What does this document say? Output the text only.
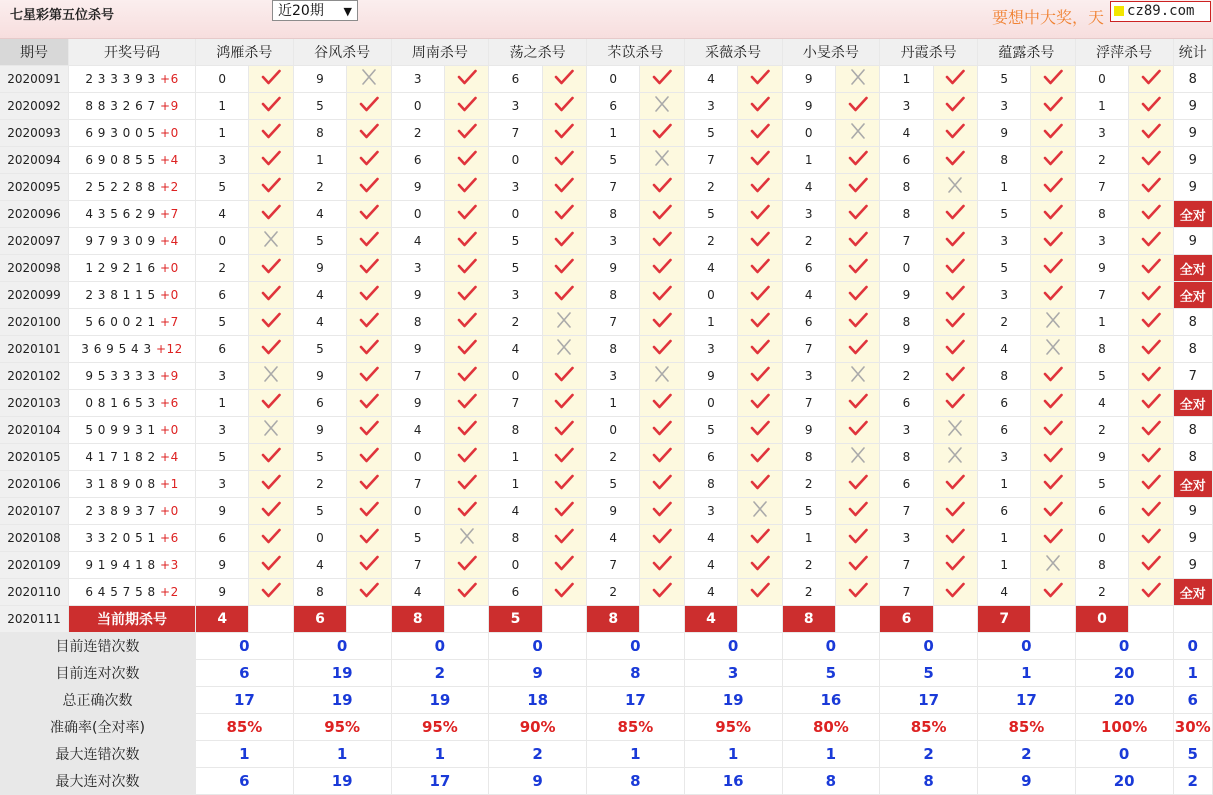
七星彩第五位杀号	近20期 ▼	要想中大奖，天	cz89.com
期号	开奖号码	鸿雁杀号		谷风杀号		周南杀号		荡之杀号		芣苡杀号		采薇杀号		小旻杀号		丹霞杀号		蕴露杀号		浮萍杀号		统计
2020091	2 3 3 3 9 3 +6	0		9		3		6		0		4		9		1		5		0		8
2020092	8 8 3 2 6 7 +9	1		5		0		3		6		3		9		3		3		1		9
2020093	6 9 3 0 0 5 +0	1		8		2		7		1		5		0		4		9		3		9
2020094	6 9 0 8 5 5 +4	3		1		6		0		5		7		1		6		8		2		9
2020095	2 5 2 2 8 8 +2	5		2		9		3		7		2		4		8		1		7		9
2020096	4 3 5 6 2 9 +7	4		4		0		0		8		5		3		8		5		8		全对
2020097	9 7 9 3 0 9 +4	0		5		4		5		3		2		2		7		3		3		9
2020098	1 2 9 2 1 6 +0	2		9		3		5		9		4		6		0		5		9		全对
2020099	2 3 8 1 1 5 +0	6		4		9		3		8		0		4		9		3		7		全对
2020100	5 6 0 0 2 1 +7	5		4		8		2		7		1		6		8		2		1		8
2020101	3 6 9 5 4 3 +12	6		5		9		4		8		3		7		9		4		8		8
2020102	9 5 3 3 3 3 +9	3		9		7		0		3		9		3		2		8		5		7
2020103	0 8 1 6 5 3 +6	1		6		9		7		1		0		7		6		6		4		全对
2020104	5 0 9 9 3 1 +0	3		9		4		8		0		5		9		3		6		2		8
2020105	4 1 7 1 8 2 +4	5		5		0		1		2		6		8		8		3		9		8
2020106	3 1 8 9 0 8 +1	3		2		7		1		5		8		2		6		1		5		全对
2020107	2 3 8 9 3 7 +0	9		5		0		4		9		3		5		7		6		6		9
2020108	3 3 2 0 5 1 +6	6		0		5		8		4		4		1		3		1		0		9
2020109	9 1 9 4 1 8 +3	9		4		7		0		7		4		2		7		1		8		9
2020110	6 4 5 7 5 8 +2	9		8		4		6		2		4		2		7		4		2		全对
2020111	当前期杀号	4		6		8		5		8		4		8		6		7		0		
目前连错次数		0		0		0		0		0		0		0		0		0		0		0
目前连对次数		6		19		2		9		8		3		5		5		1		20		1
总正确次数		17		19		19		18		17		19		16		17		17		20		6
准确率(全对率)		85%		95%		95%		90%		85%		95%		80%		85%		85%		100%		30%
最大连错次数		1		1		1		2		1		1		1		2		2		0		5
最大连对次数		6		19		17		9		8		16		8		8		9		20		2
